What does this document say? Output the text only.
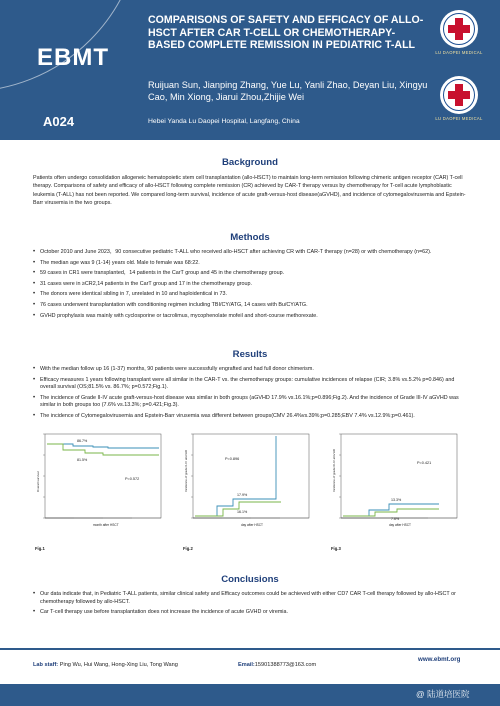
EBMT
A024
COMPARISONS OF SAFETY AND EFFICACY OF ALLO-HSCT AFTER CAR T-CELL OR CHEMOTHERAPY-BASED COMPLETE REMISSION IN PEDIATRIC T-ALL
Ruijuan Sun, Jianping Zhang, Yue Lu, Yanli Zhao, Deyan Liu, Xingyu Cao, Min Xiong, Jiarui Zhou,Zhijie Wei
Hebei Yanda Lu Daopei Hospital, Langfang, China
LU DAOPEI MEDICAL
LU DAOPEI MEDICAL
Background

Patients often undergo consolidation allogeneic hematopoietic stem cell transplantation (allo-HSCT) to maintain long-term remission following chimeric antigen receptor (CAR) T-cell therapy. Comparisons of safety and efficacy of allo-HSCT following complete remission (CR) achieved by CAR-T therapy versus by chemotherapy for T-cell acute lymphoblastic leukemia (T-ALL) has not been reported. We compared long-term survival, incidence of acute graft-versus-host disease(aGVHD), and incidence of cytomegalovirusemia and Epstein-Barr virusemia in the two groups.

Methods
• October 2010 and June 2023，90 consecutive pediatric T-ALL who received allo-HSCT after achieving CR with CAR-T therapy (n=28) or with chemotherapy (n=62).
• The median age was 9 (1-14) years old. Male to female was 68:22.
• 59 cases in CR1 were transplanted，14 patients in the CarT group and 45 in the chemotherapy group.
• 31 cases were in ≥CR2,14 patients in the CarT group and 17 in the chemotherapy group.
• The donors were identical sibling in 7, unrelated in 10 and haploidentical in 73.
• 76 cases underwent transplantation with conditioning regimen including TBI/CY/ATG, 14 cases with Bu/CY/ATG.
• GVHD prophylaxis was mainly with cyclosporine or tacrolimus, mycophenolate mofeil and short-course methorexate.
Results
• With the median follow up 16 (1-37) months, 90 patients were successfully engrafted and had full donor chimerism.
• Efficacy measures 1 years following transplant were all similar in the CAR-T vs. the chemotherapy groups: cumulative incidences of relapse (CIR; 3.8% vs.5.2% p=0.846) and overall survival (OS;81.5% vs. 86.7%; p=0.572;Fig.1).
• The incidence of Grade II-IV acute graft-versus-host disease was similar in both groups (aGVHD 17.9% vs.16.1%;p=0.896;Fig.2). And the incidence of Grade III-IV aGVHD was similar in both groups too (7.6% vs.13.3%; p=0.421;Fig.3).
• The incidence of Cytomegalovirusemia and Epstein-Barr virusemia was different between groups(CMV 26.4%vs.39%;p=0.285;EBV 7.4% vs.12.9%;p=0.461).
86.7%
81.5%
P=0.572
month after HSCT
Overall survival
Fig.1
17.9%
16.1%
P=0.896
day after HSCT
Incidence of grade II-IV aGVHD
Fig.2
13.3%
7.6%
P=0.421
day after HSCT
Incidence of grade III-IV aGVHD
Fig.3
Conclusions
• Our data indicate that, in Pediatric T-ALL patients, similar clinical safety and Efficacy outcomes could be achieved with either CD7 CAR T-cell therapy followed by allo-HSCT or chemotherapy followed by allo-HSCT.
• Car T-cell therapy use before transplantation does not increase the incidence of acute GVHD or viremia.
Lab staff: Ping Wu, Hui Wang, Hong-Xing Liu, Tong Wang	Email:15901388773@163.com
www.ebmt.org
@ 陆道培医院
